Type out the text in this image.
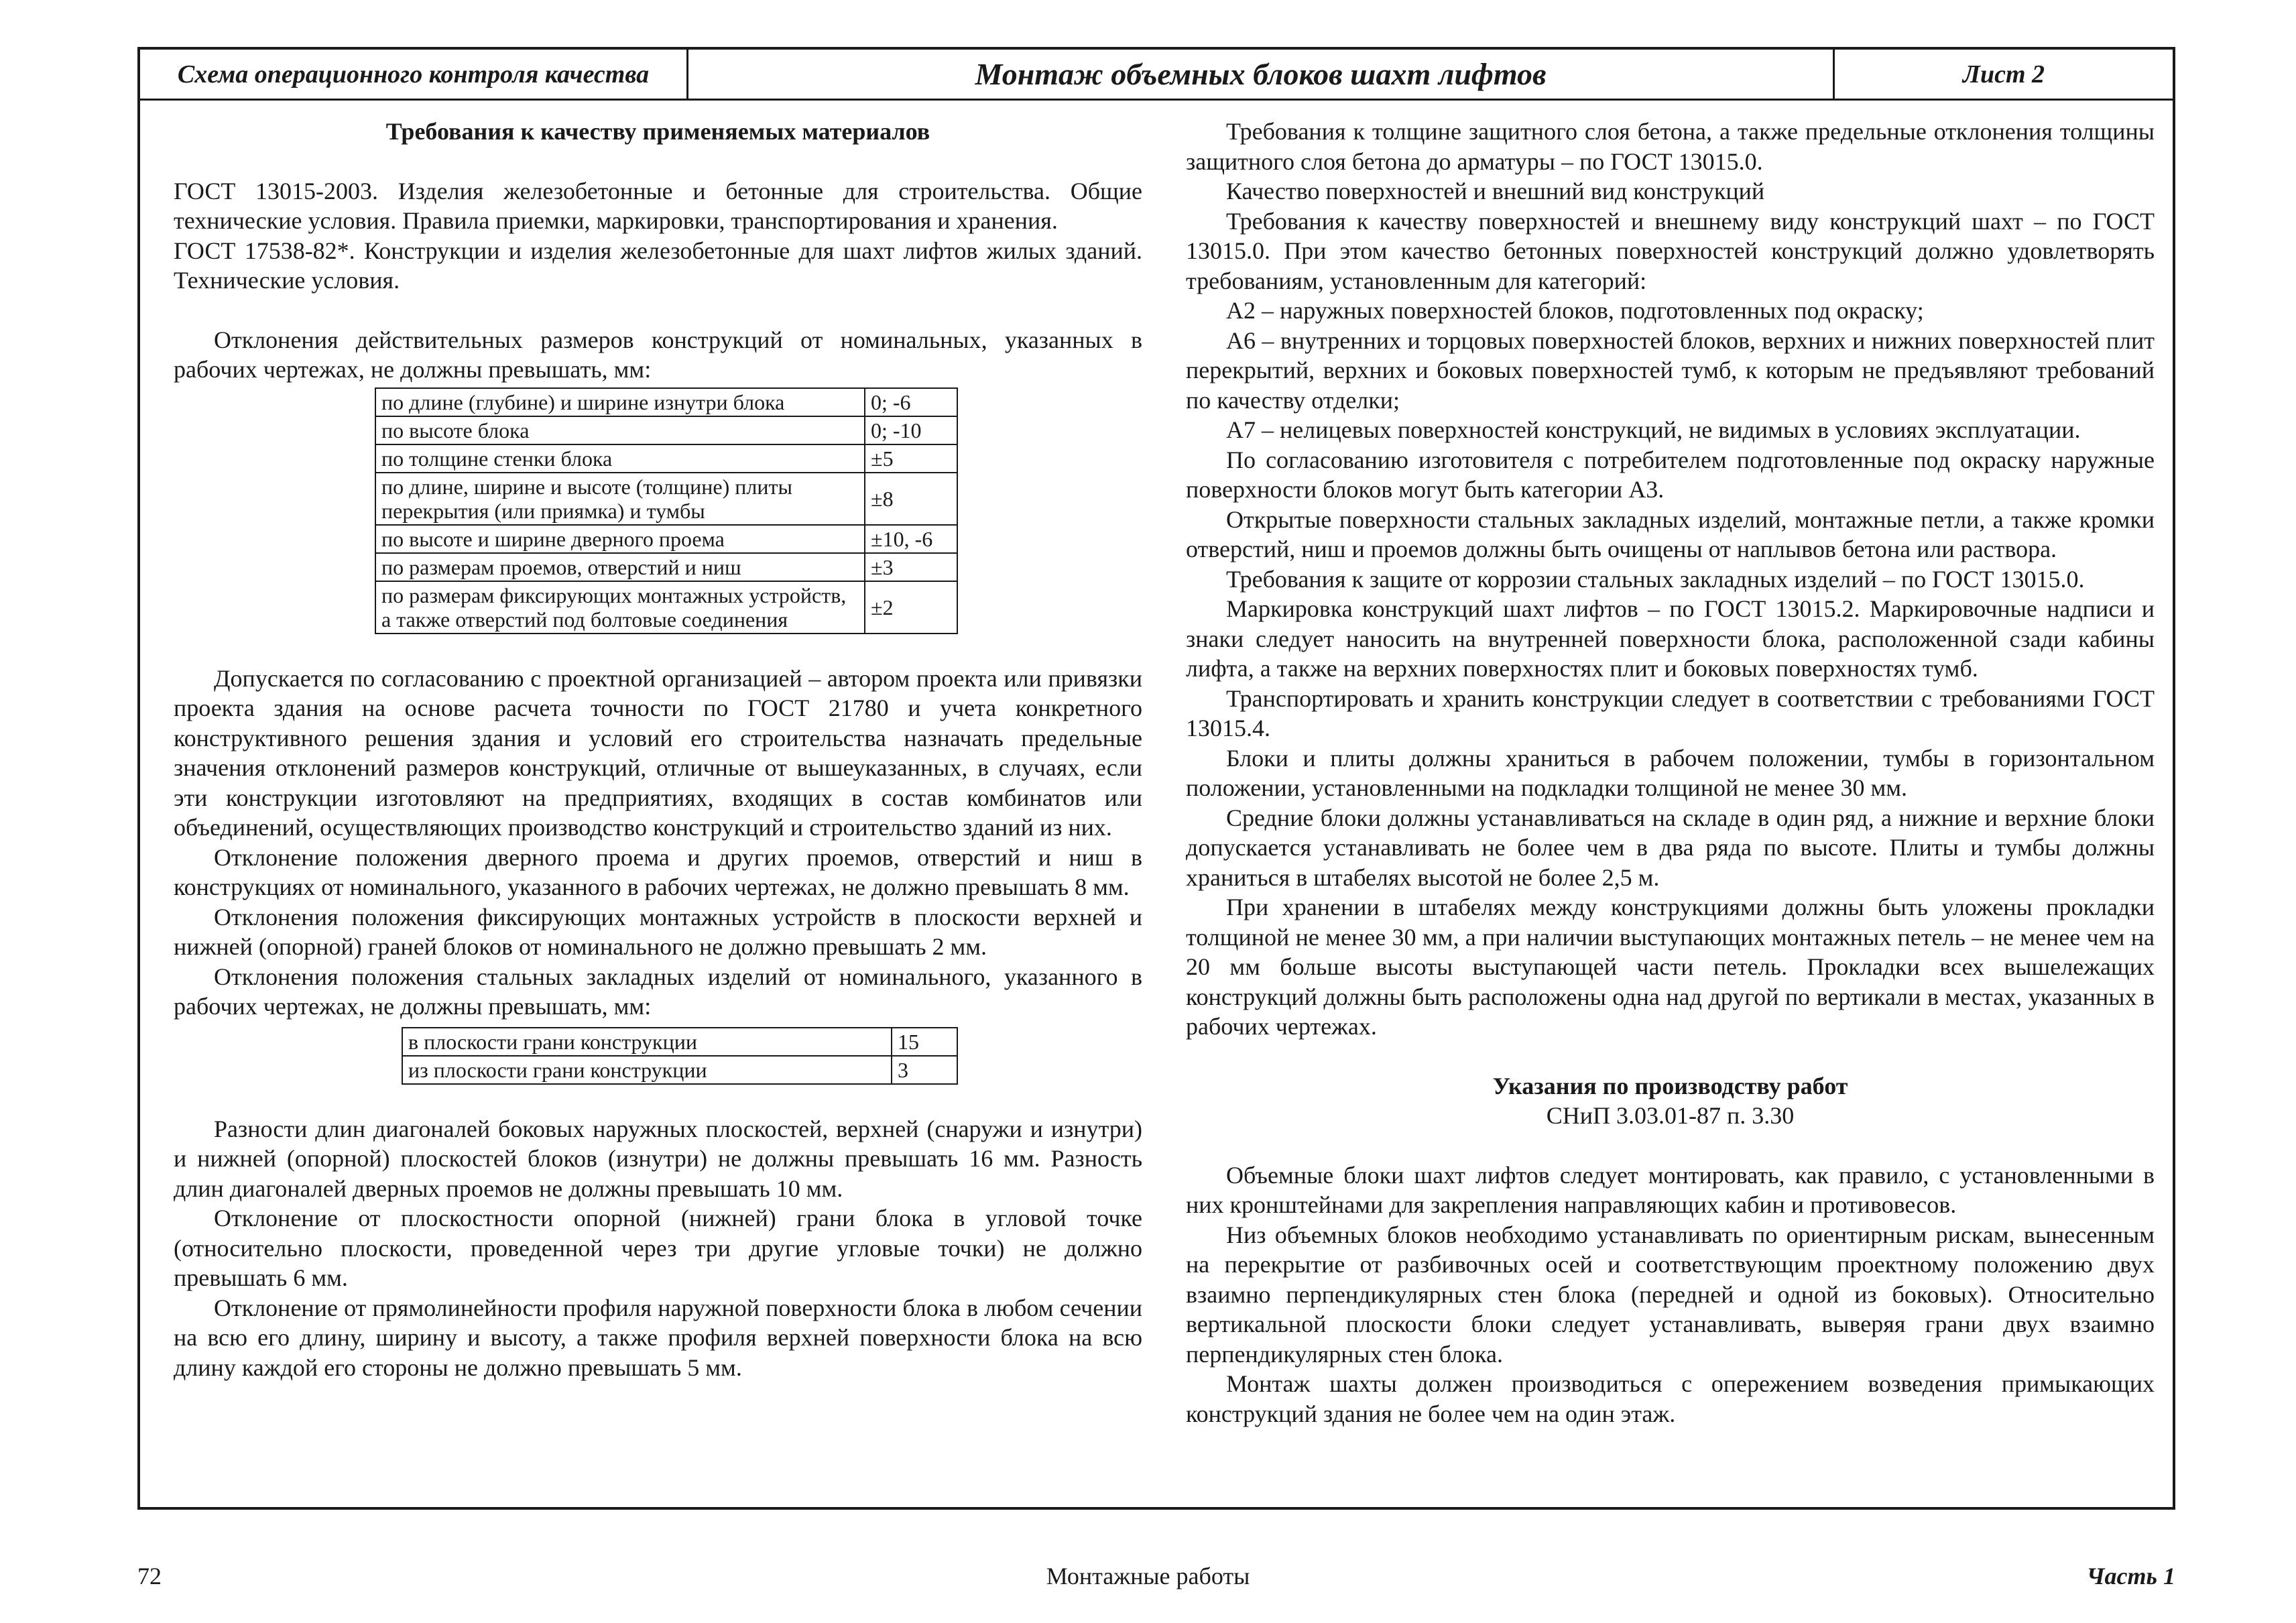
Схема операционного контроля качества	Монтаж объемных блоков шахт лифтов	Лист 2

Требования к качеству применяемых материалов

ГОСТ 13015-2003. Изделия железобетонные и бетонные для строительства. Общие технические условия. Правила приемки, маркировки, транспортирования и хранения.

ГОСТ 17538-82*. Конструкции и изделия железобетонные для шахт лифтов жилых зданий. Технические условия.

Отклонения действительных размеров конструкций от номинальных, указанных в рабочих чертежах, не должны превышать, мм:

по длине (глубине) и ширине изнутри блока	0; -6
по высоте блока	0; -10
по толщине стенки блока	±5
по длине, ширине и высоте (толщине) плиты перекрытия (или приямка) и тумбы	±8
по высоте и ширине дверного проема	±10, -6
по размерам проемов, отверстий и ниш	±3
по размерам фиксирующих монтажных устройств, а также отверстий под болтовые соединения	±2

Допускается по согласованию с проектной организацией – автором проекта или привязки проекта здания на основе расчета точности по ГОСТ 21780 и учета конкретного конструктивного решения здания и условий его строительства назначать предельные значения отклонений размеров конструкций, отличные от вышеуказанных, в случаях, если эти конструкции изготовляют на предприятиях, входящих в состав комбинатов или объединений, осуществляющих производство конструкций и строительство зданий из них.

Отклонение положения дверного проема и других проемов, отверстий и ниш в конструкциях от номинального, указанного в рабочих чертежах, не должно превышать 8 мм.

Отклонения положения фиксирующих монтажных устройств в плоскости верхней и нижней (опорной) граней блоков от номинального не должно превышать 2 мм.

Отклонения положения стальных закладных изделий от номинального, указанного в рабочих чертежах, не должны превышать, мм:

в плоскости грани конструкции	15
из плоскости грани конструкции	3

Разности длин диагоналей боковых наружных плоскостей, верхней (снаружи и изнутри) и нижней (опорной) плоскостей блоков (изнутри) не должны превышать 16 мм. Разность длин диагоналей дверных проемов не должны превышать 10 мм.

Отклонение от плоскостности опорной (нижней) грани блока в угловой точке (относительно плоскости, проведенной через три другие угловые точки) не должно превышать 6 мм.

Отклонение от прямолинейности профиля наружной поверхности блока в любом сечении на всю его длину, ширину и высоту, а также профиля верхней поверхности блока на всю длину каждой его стороны не должно превышать 5 мм.

Требования к толщине защитного слоя бетона, а также предельные отклонения толщины защитного слоя бетона до арматуры – по ГОСТ 13015.0.

Качество поверхностей и внешний вид конструкций

Требования к качеству поверхностей и внешнему виду конструкций шахт – по ГОСТ 13015.0. При этом качество бетонных поверхностей конструкций должно удовлетворять требованиям, установленным для категорий:

А2 – наружных поверхностей блоков, подготовленных под окраску;

А6 – внутренних и торцовых поверхностей блоков, верхних и нижних поверхностей плит перекрытий, верхних и боковых поверхностей тумб, к которым не предъявляют требований по качеству отделки;

А7 – нелицевых поверхностей конструкций, не видимых в условиях эксплуатации.

По согласованию изготовителя с потребителем подготовленные под окраску наружные поверхности блоков могут быть категории А3.

Открытые поверхности стальных закладных изделий, монтажные петли, а также кромки отверстий, ниш и проемов должны быть очищены от наплывов бетона или раствора.

Требования к защите от коррозии стальных закладных изделий – по ГОСТ 13015.0.

Маркировка конструкций шахт лифтов – по ГОСТ 13015.2. Маркировочные надписи и знаки следует наносить на внутренней поверхности блока, расположенной сзади кабины лифта, а также на верхних поверхностях плит и боковых поверхностях тумб.

Транспортировать и хранить конструкции следует в соответствии с требованиями ГОСТ 13015.4.

Блоки и плиты должны храниться в рабочем положении, тумбы в горизонтальном положении, установленными на подкладки толщиной не менее 30 мм.

Средние блоки должны устанавливаться на складе в один ряд, а нижние и верхние блоки допускается устанавливать не более чем в два ряда по высоте. Плиты и тумбы должны храниться в штабелях высотой не более 2,5 м.

При хранении в штабелях между конструкциями должны быть уложены прокладки толщиной не менее 30 мм, а при наличии выступающих монтажных петель – не менее чем на 20 мм больше высоты выступающей части петель. Прокладки всех вышележащих конструкций должны быть расположены одна над другой по вертикали в местах, указанных в рабочих чертежах.

Указания по производству работ

СНиП 3.03.01-87 п. 3.30

Объемные блоки шахт лифтов следует монтировать, как правило, с установленными в них кронштейнами для закрепления направляющих кабин и противовесов.

Низ объемных блоков необходимо устанавливать по ориентирным рискам, вынесенным на перекрытие от разбивочных осей и соответствующим проектному положению двух взаимно перпендикулярных стен блока (передней и одной из боковых). Относительно вертикальной плоскости блоки следует устанавливать, выверяя грани двух взаимно перпендикулярных стен блока.

Монтаж шахты должен производиться с опережением возведения примыкающих конструкций здания не более чем на один этаж.

72	Монтажные работы	Часть 1
